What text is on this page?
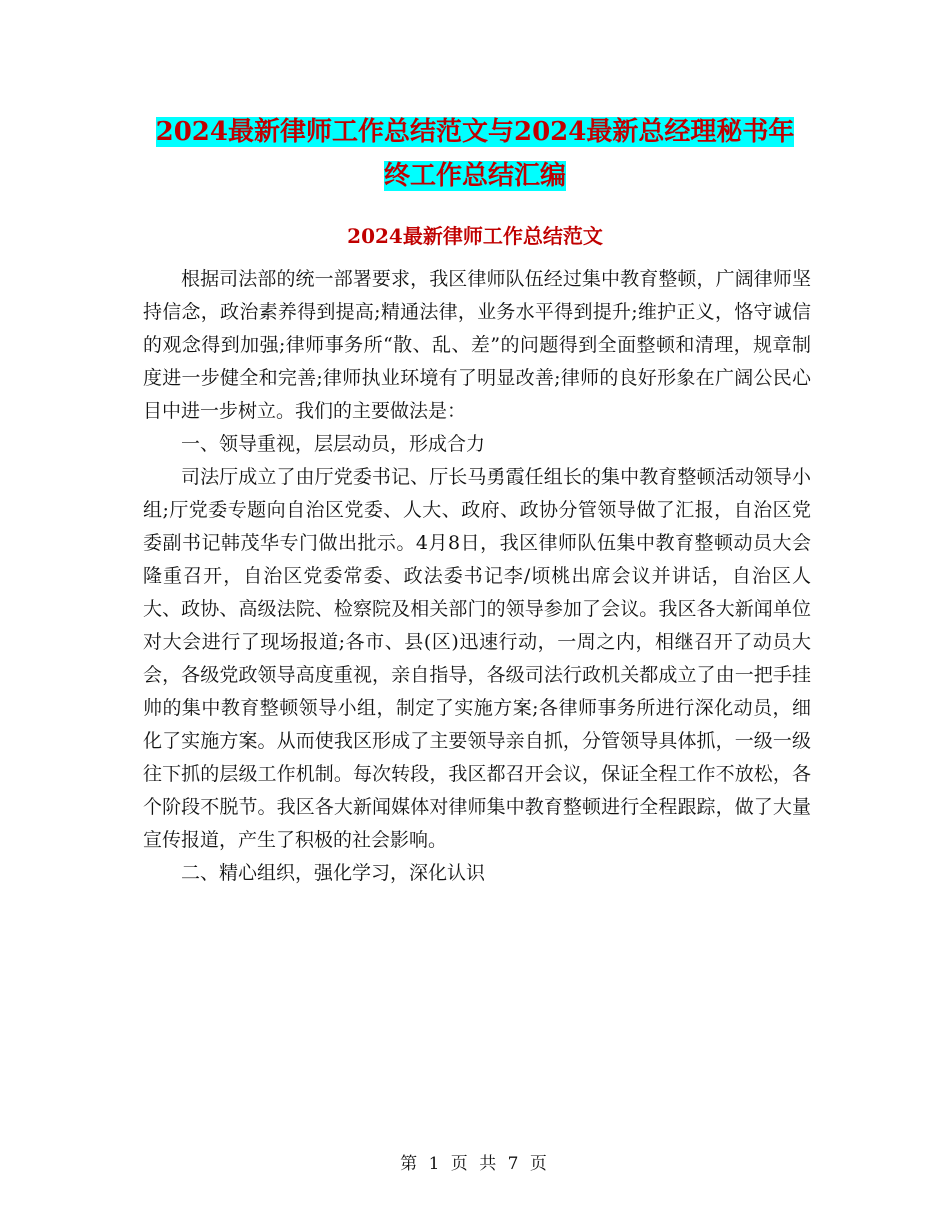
2024最新律师工作总结范文与2024最新总经理秘书年终工作总结汇编
2024最新律师工作总结范文

根据司法部的统一部署要求，我区律师队伍经过集中教育整顿，广阔律师坚持信念，政治素养得到提高;精通法律，业务水平得到提升;维护正义，恪守诚信的观念得到加强;律师事务所“散、乱、差”的问题得到全面整顿和清理，规章制度进一步健全和完善;律师执业环境有了明显改善;律师的良好形象在广阔公民心目中进一步树立。我们的主要做法是：

一、领导重视，层层动员，形成合力

司法厅成立了由厅党委书记、厅长马勇霞任组长的集中教育整顿活动领导小组;厅党委专题向自治区党委、人大、政府、政协分管领导做了汇报，自治区党委副书记韩茂华专门做出批示。4月8日，我区律师队伍集中教育整顿动员大会隆重召开，自治区党委常委、政法委书记李/顷桃出席会议并讲话，自治区人大、政协、高级法院、检察院及相关部门的领导参加了会议。我区各大新闻单位对大会进行了现场报道;各市、县(区)迅速行动，一周之内，相继召开了动员大会，各级党政领导高度重视，亲自指导，各级司法行政机关都成立了由一把手挂帅的集中教育整顿领导小组，制定了实施方案;各律师事务所进行深化动员，细化了实施方案。从而使我区形成了主要领导亲自抓，分管领导具体抓，一级一级往下抓的层级工作机制。每次转段，我区都召开会议，保证全程工作不放松，各个阶段不脱节。我区各大新闻媒体对律师集中教育整顿进行全程跟踪，做了大量宣传报道，产生了积极的社会影响。

二、精心组织，强化学习，深化认识

第 1 页 共 7 页
